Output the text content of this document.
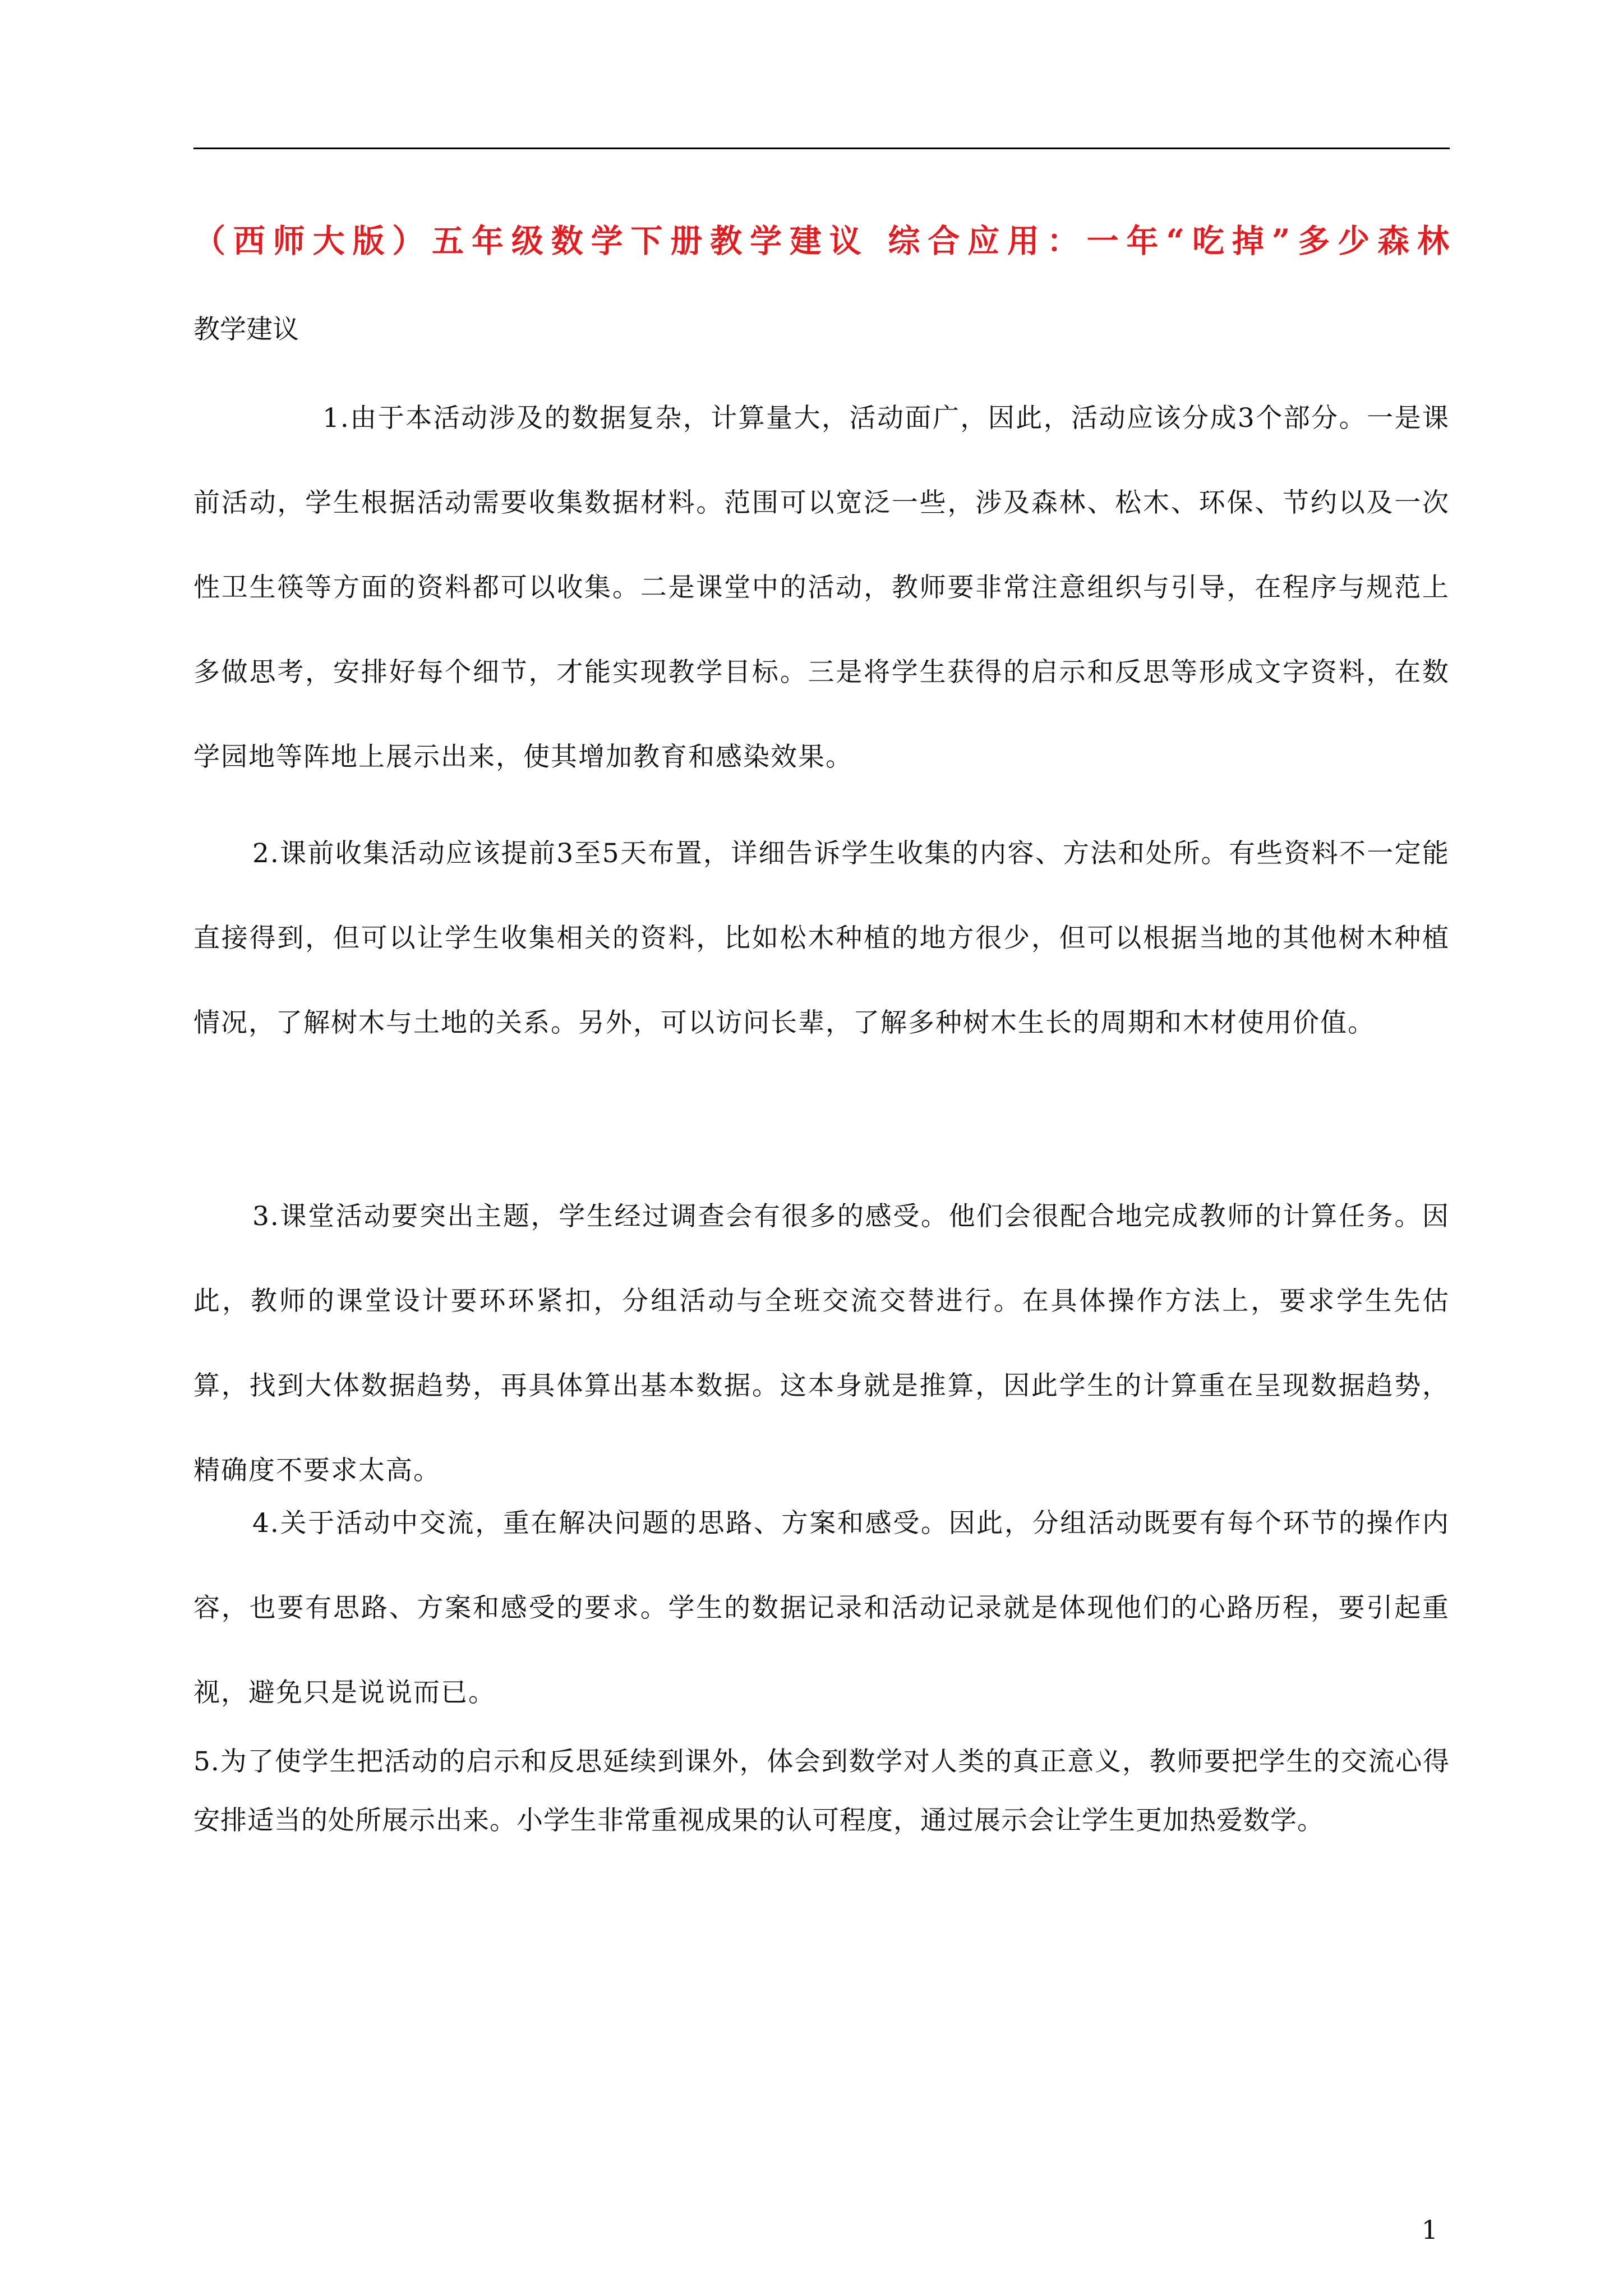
（西师大版）五年级数学下册教学建议 综合应用：一年“吃掉”多少森林
教学建议
1.由于本活动涉及的数据复杂，计算量大，活动面广，因此，活动应该分成3个部分。一是课前活动，学生根据活动需要收集数据材料。范围可以宽泛一些，涉及森林、松木、环保、节约以及一次性卫生筷等方面的资料都可以收集。二是课堂中的活动，教师要非常注意组织与引导，在程序与规范上多做思考，安排好每个细节，才能实现教学目标。三是将学生获得的启示和反思等形成文字资料，在数学园地等阵地上展示出来，使其增加教育和感染效果。
2.课前收集活动应该提前3至5天布置，详细告诉学生收集的内容、方法和处所。有些资料不一定能直接得到，但可以让学生收集相关的资料，比如松木种植的地方很少，但可以根据当地的其他树木种植情况，了解树木与土地的关系。另外，可以访问长辈，了解多种树木生长的周期和木材使用价值。
3.课堂活动要突出主题，学生经过调查会有很多的感受。他们会很配合地完成教师的计算任务。因此，教师的课堂设计要环环紧扣，分组活动与全班交流交替进行。在具体操作方法上，要求学生先估算，找到大体数据趋势，再具体算出基本数据。这本身就是推算，因此学生的计算重在呈现数据趋势，精确度不要求太高。
4.关于活动中交流，重在解决问题的思路、方案和感受。因此，分组活动既要有每个环节的操作内容，也要有思路、方案和感受的要求。学生的数据记录和活动记录就是体现他们的心路历程，要引起重视，避免只是说说而已。
5.为了使学生把活动的启示和反思延续到课外，体会到数学对人类的真正意义，教师要把学生的交流心得安排适当的处所展示出来。小学生非常重视成果的认可程度，通过展示会让学生更加热爱数学。
1
